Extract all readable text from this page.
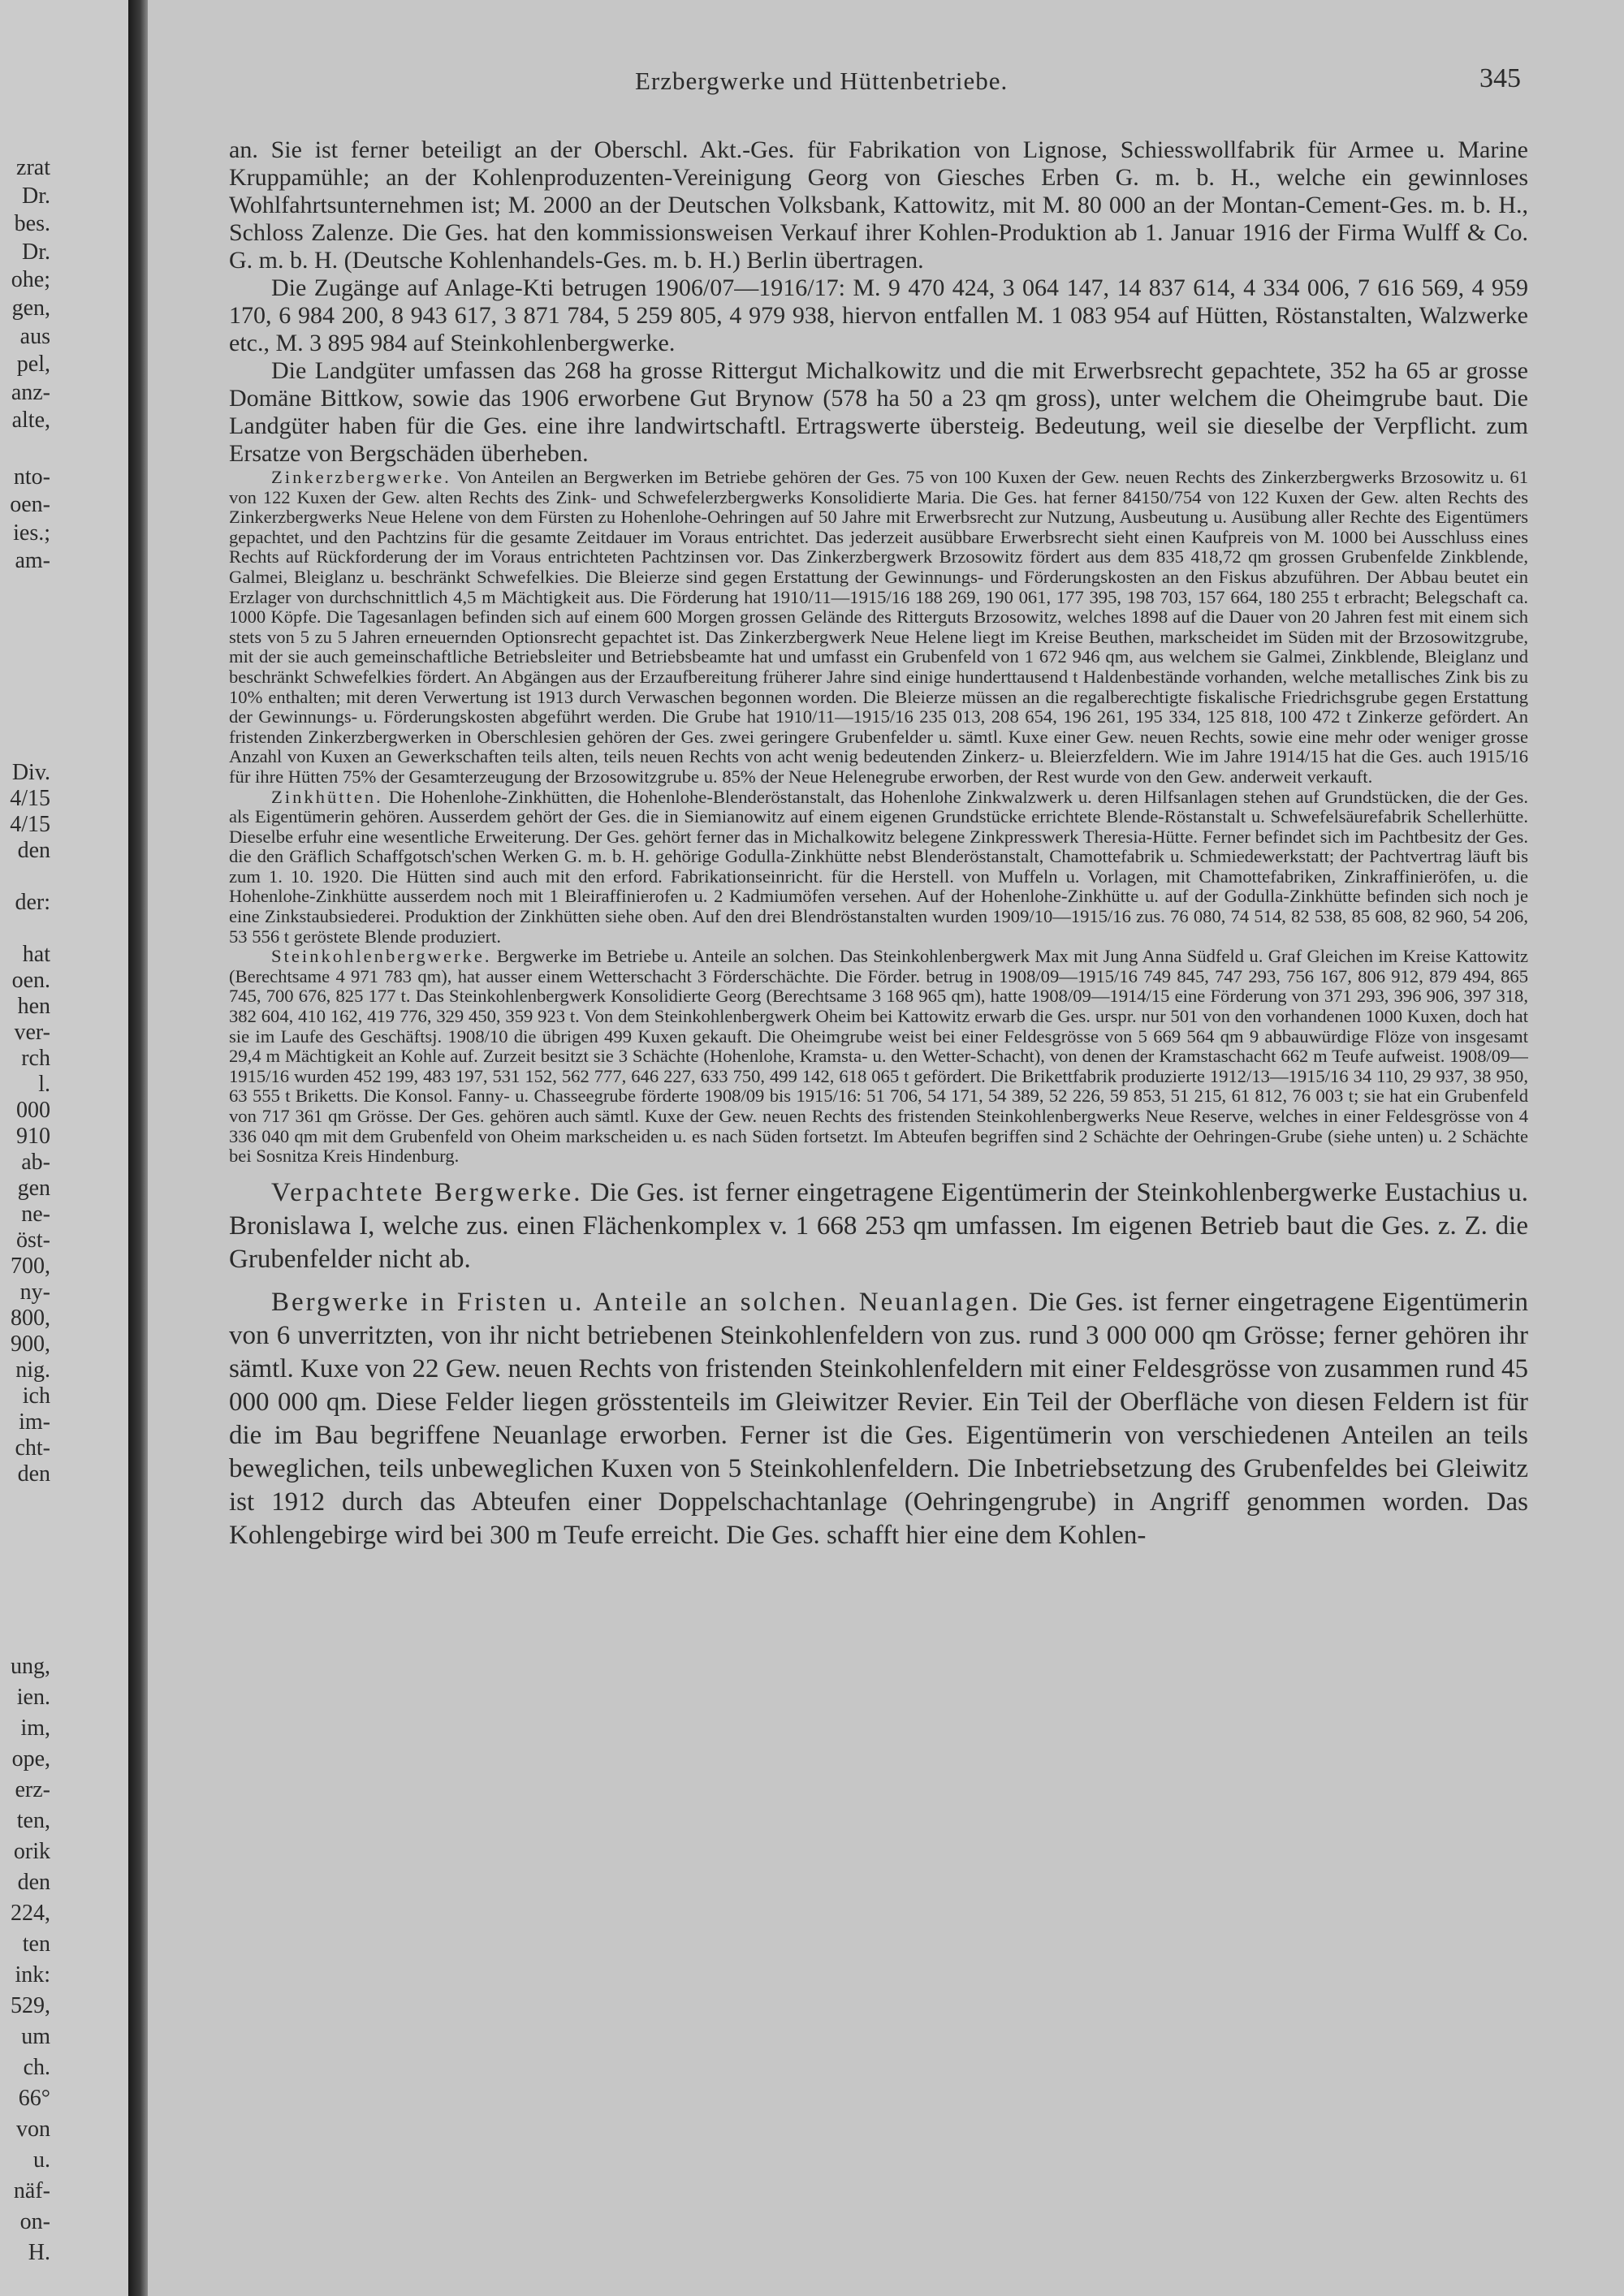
zrat
Dr.
bes.
Dr.
ohe;
gen,
aus
pel,
anz-
alte,

nto-
oen-
ies.;
am-
Div.
4/15
4/15
den

der:

hat
oen.
hen
ver-
rch
l.
000
910
ab-
gen
ne-
öst-
700,
ny-
800,
900,
nig.
ich
im-
cht-
den
ung,
ien.
im,
ope,
erz-
ten,
orik
den
224,
ten
ink:
529,
um
ch.
66°
von
u.
näf-
on-
H.
Erzbergwerke und Hüttenbetriebe.	345

an. Sie ist ferner beteiligt an der Oberschl. Akt.-Ges. für Fabrikation von Lignose, Schiesswollfabrik für Armee u. Marine Kruppamühle; an der Kohlenproduzenten-Vereinigung Georg von Giesches Erben G. m. b. H., welche ein gewinnloses Wohlfahrtsunternehmen ist; M. 2000 an der Deutschen Volksbank, Kattowitz, mit M. 80 000 an der Montan-Cement-Ges. m. b. H., Schloss Zalenze. Die Ges. hat den kommissionsweisen Verkauf ihrer Kohlen-Produktion ab 1. Januar 1916 der Firma Wulff & Co. G. m. b. H. (Deutsche Kohlenhandels-Ges. m. b. H.) Berlin übertragen.

Die Zugänge auf Anlage-Kti betrugen 1906/07—1916/17: M. 9 470 424, 3 064 147, 14 837 614, 4 334 006, 7 616 569, 4 959 170, 6 984 200, 8 943 617, 3 871 784, 5 259 805, 4 979 938, hiervon entfallen M. 1 083 954 auf Hütten, Röstanstalten, Walzwerke etc., M. 3 895 984 auf Steinkohlenbergwerke.

Die Landgüter umfassen das 268 ha grosse Rittergut Michalkowitz und die mit Erwerbsrecht gepachtete, 352 ha 65 ar grosse Domäne Bittkow, sowie das 1906 erworbene Gut Brynow (578 ha 50 a 23 qm gross), unter welchem die Oheimgrube baut. Die Landgüter haben für die Ges. eine ihre landwirtschaftl. Ertragswerte übersteig. Bedeutung, weil sie dieselbe der Verpflicht. zum Ersatze von Bergschäden überheben.

Zinkerzbergwerke. Von Anteilen an Bergwerken im Betriebe gehören der Ges. 75 von 100 Kuxen der Gew. neuen Rechts des Zinkerzbergwerks Brzosowitz u. 61 von 122 Kuxen der Gew. alten Rechts des Zink- und Schwefelerzbergwerks Konsolidierte Maria. Die Ges. hat ferner 84150/754 von 122 Kuxen der Gew. alten Rechts des Zinkerzbergwerks Neue Helene von dem Fürsten zu Hohenlohe-Oehringen auf 50 Jahre mit Erwerbsrecht zur Nutzung, Ausbeutung u. Ausübung aller Rechte des Eigentümers gepachtet, und den Pachtzins für die gesamte Zeitdauer im Voraus entrichtet. Das jederzeit ausübbare Erwerbsrecht sieht einen Kaufpreis von M. 1000 bei Ausschluss eines Rechts auf Rückforderung der im Voraus entrichteten Pachtzinsen vor. Das Zinkerzbergwerk Brzosowitz fördert aus dem 835 418,72 qm grossen Grubenfelde Zinkblende, Galmei, Bleiglanz u. beschränkt Schwefelkies. Die Bleierze sind gegen Erstattung der Gewinnungs- und Förderungskosten an den Fiskus abzuführen. Der Abbau beutet ein Erzlager von durchschnittlich 4,5 m Mächtigkeit aus. Die Förderung hat 1910/11—1915/16 188 269, 190 061, 177 395, 198 703, 157 664, 180 255 t erbracht; Belegschaft ca. 1000 Köpfe. Die Tagesanlagen befinden sich auf einem 600 Morgen grossen Gelände des Ritterguts Brzosowitz, welches 1898 auf die Dauer von 20 Jahren fest mit einem sich stets von 5 zu 5 Jahren erneuernden Optionsrecht gepachtet ist. Das Zinkerzbergwerk Neue Helene liegt im Kreise Beuthen, markscheidet im Süden mit der Brzosowitzgrube, mit der sie auch gemeinschaftliche Betriebsleiter und Betriebsbeamte hat und umfasst ein Grubenfeld von 1 672 946 qm, aus welchem sie Galmei, Zinkblende, Bleiglanz und beschränkt Schwefelkies fördert. An Abgängen aus der Erzaufbereitung früherer Jahre sind einige hunderttausend t Haldenbestände vorhanden, welche metallisches Zink bis zu 10% enthalten; mit deren Verwertung ist 1913 durch Verwaschen begonnen worden. Die Bleierze müssen an die regalberechtigte fiskalische Friedrichsgrube gegen Erstattung der Gewinnungs- u. Förderungskosten abgeführt werden. Die Grube hat 1910/11—1915/16 235 013, 208 654, 196 261, 195 334, 125 818, 100 472 t Zinkerze gefördert. An fristenden Zinkerzbergwerken in Oberschlesien gehören der Ges. zwei geringere Grubenfelder u. sämtl. Kuxe einer Gew. neuen Rechts, sowie eine mehr oder weniger grosse Anzahl von Kuxen an Gewerkschaften teils alten, teils neuen Rechts von acht wenig bedeutenden Zinkerz- u. Bleierzfeldern. Wie im Jahre 1914/15 hat die Ges. auch 1915/16 für ihre Hütten 75% der Gesamterzeugung der Brzosowitzgrube u. 85% der Neue Helenegrube erworben, der Rest wurde von den Gew. anderweit verkauft.

Zinkhütten. Die Hohenlohe-Zinkhütten, die Hohenlohe-Blenderöstanstalt, das Hohenlohe Zinkwalzwerk u. deren Hilfsanlagen stehen auf Grundstücken, die der Ges. als Eigentümerin gehören. Ausserdem gehört der Ges. die in Siemianowitz auf einem eigenen Grundstücke errichtete Blende-Röstanstalt u. Schwefelsäurefabrik Schellerhütte. Dieselbe erfuhr eine wesentliche Erweiterung. Der Ges. gehört ferner das in Michalkowitz belegene Zinkpresswerk Theresia-Hütte. Ferner befindet sich im Pachtbesitz der Ges. die den Gräflich Schaffgotsch'schen Werken G. m. b. H. gehörige Godulla-Zinkhütte nebst Blenderöstanstalt, Chamottefabrik u. Schmiedewerkstatt; der Pachtvertrag läuft bis zum 1. 10. 1920. Die Hütten sind auch mit den erford. Fabrikationseinricht. für die Herstell. von Muffeln u. Vorlagen, mit Chamottefabriken, Zinkraffinieröfen, u. die Hohenlohe-Zinkhütte ausserdem noch mit 1 Bleiraffinierofen u. 2 Kadmiumöfen versehen. Auf der Hohenlohe-Zinkhütte u. auf der Godulla-Zinkhütte befinden sich noch je eine Zinkstaubsiederei. Produktion der Zinkhütten siehe oben. Auf den drei Blendröstanstalten wurden 1909/10—1915/16 zus. 76 080, 74 514, 82 538, 85 608, 82 960, 54 206, 53 556 t geröstete Blende produziert.

Steinkohlenbergwerke. Bergwerke im Betriebe u. Anteile an solchen. Das Steinkohlenbergwerk Max mit Jung Anna Südfeld u. Graf Gleichen im Kreise Kattowitz (Berechtsame 4 971 783 qm), hat ausser einem Wetterschacht 3 Förderschächte. Die Förder. betrug in 1908/09—1915/16 749 845, 747 293, 756 167, 806 912, 879 494, 865 745, 700 676, 825 177 t. Das Steinkohlenbergwerk Konsolidierte Georg (Berechtsame 3 168 965 qm), hatte 1908/09—1914/15 eine Förderung von 371 293, 396 906, 397 318, 382 604, 410 162, 419 776, 329 450, 359 923 t. Von dem Steinkohlenbergwerk Oheim bei Kattowitz erwarb die Ges. urspr. nur 501 von den vorhandenen 1000 Kuxen, doch hat sie im Laufe des Geschäftsj. 1908/10 die übrigen 499 Kuxen gekauft. Die Oheimgrube weist bei einer Feldesgrösse von 5 669 564 qm 9 abbauwürdige Flöze von insgesamt 29,4 m Mächtigkeit an Kohle auf. Zurzeit besitzt sie 3 Schächte (Hohenlohe, Kramsta- u. den Wetter-Schacht), von denen der Kramstaschacht 662 m Teufe aufweist. 1908/09—1915/16 wurden 452 199, 483 197, 531 152, 562 777, 646 227, 633 750, 499 142, 618 065 t gefördert. Die Brikettfabrik produzierte 1912/13—1915/16 34 110, 29 937, 38 950, 63 555 t Briketts. Die Konsol. Fanny- u. Chasseegrube förderte 1908/09 bis 1915/16: 51 706, 54 171, 54 389, 52 226, 59 853, 51 215, 61 812, 76 003 t; sie hat ein Grubenfeld von 717 361 qm Grösse. Der Ges. gehören auch sämtl. Kuxe der Gew. neuen Rechts des fristenden Steinkohlenbergwerks Neue Reserve, welches in einer Feldesgrösse von 4 336 040 qm mit dem Grubenfeld von Oheim markscheiden u. es nach Süden fortsetzt. Im Abteufen begriffen sind 2 Schächte der Oehringen-Grube (siehe unten) u. 2 Schächte bei Sosnitza Kreis Hindenburg.

Verpachtete Bergwerke. Die Ges. ist ferner eingetragene Eigentümerin der Steinkohlenbergwerke Eustachius u. Bronislawa I, welche zus. einen Flächenkomplex v. 1 668 253 qm umfassen. Im eigenen Betrieb baut die Ges. z. Z. die Grubenfelder nicht ab.

Bergwerke in Fristen u. Anteile an solchen. Neuanlagen. Die Ges. ist ferner eingetragene Eigentümerin von 6 unverritzten, von ihr nicht betriebenen Steinkohlenfeldern von zus. rund 3 000 000 qm Grösse; ferner gehören ihr sämtl. Kuxe von 22 Gew. neuen Rechts von fristenden Steinkohlenfeldern mit einer Feldesgrösse von zusammen rund 45 000 000 qm. Diese Felder liegen grösstenteils im Gleiwitzer Revier. Ein Teil der Oberfläche von diesen Feldern ist für die im Bau begriffene Neuanlage erworben. Ferner ist die Ges. Eigentümerin von verschiedenen Anteilen an teils beweglichen, teils unbeweglichen Kuxen von 5 Steinkohlenfeldern. Die Inbetriebsetzung des Grubenfeldes bei Gleiwitz ist 1912 durch das Abteufen einer Doppelschachtanlage (Oehringengrube) in Angriff genommen worden. Das Kohlengebirge wird bei 300 m Teufe erreicht. Die Ges. schafft hier eine dem Kohlen-
